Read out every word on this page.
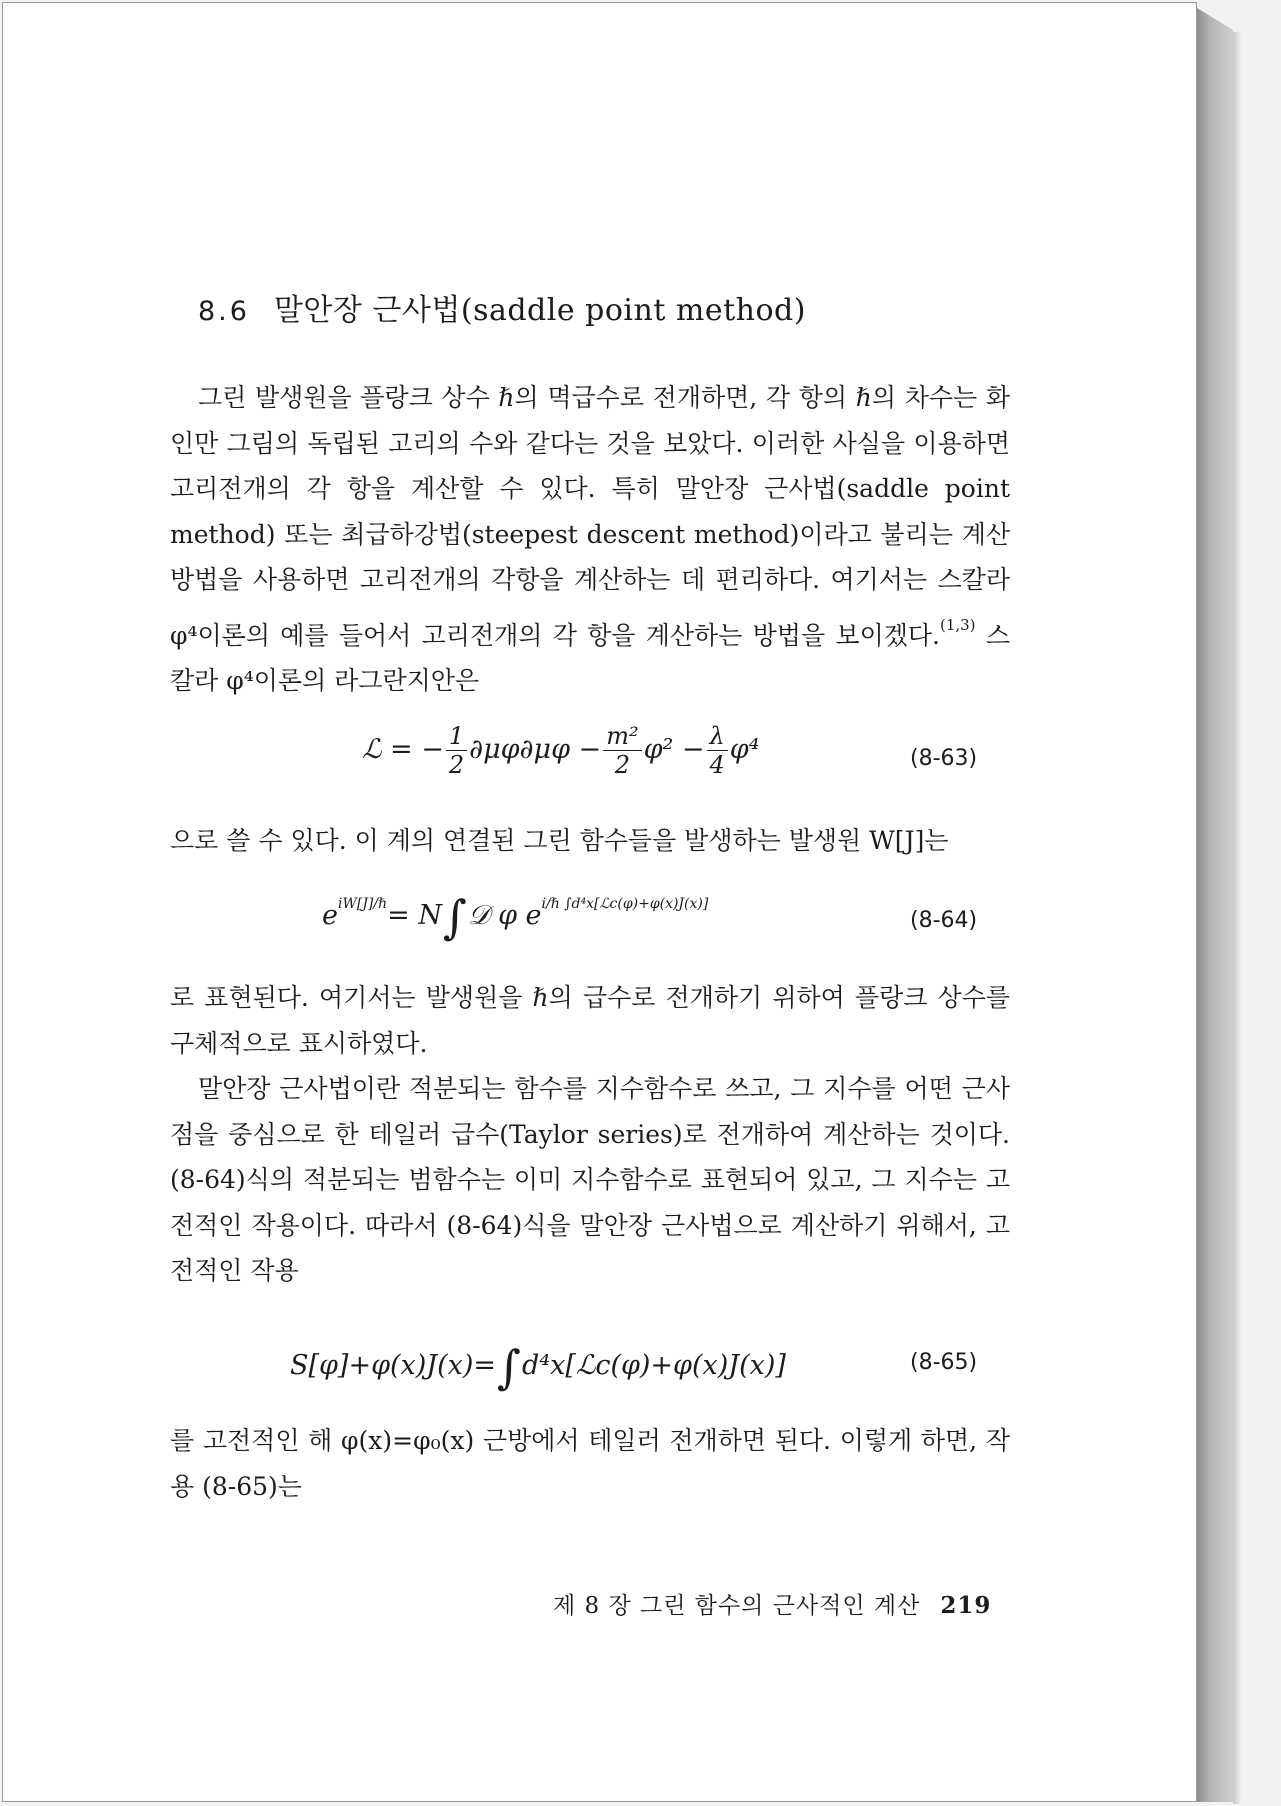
8.6 말안장 근사법(saddle point method)

그린 발생원을 플랑크 상수 ℏ의 멱급수로 전개하면, 각 항의 ℏ의 차수는 화인만 그림의 독립된 고리의 수와 같다는 것을 보았다. 이러한 사실을 이용하면 고리전개의 각 항을 계산할 수 있다. 특히 말안장 근사법(saddle point method) 또는 최급하강법(steepest descent method)이라고 불리는 계산 방법을 사용하면 고리전개의 각항을 계산하는 데 편리하다. 여기서는 스칼라 φ⁴이론의 예를 들어서 고리전개의 각 항을 계산하는 방법을 보이겠다.$^{(1,3)}$ 스칼라 φ⁴이론의 라그란지안은

ℒ = − $\frac{1}{2} \partial\mu\varphi\partial\mu\varphi - \frac{\text{m²}}{2} \varphi^2 - \frac{\lambda}{4} \varphi^4$	(8-63)

으로 쓸 수 있다. 이 계의 연결된 그린 함수들을 발생하는 발생원 W[J]는

$e^{iW[J]/\hbar}=$ N∫𝒟 φ $e^{i/\hbar \int d^4x[ℒc(\varphi)+\varphi(x)J(x)]}$
(8-64)

로 표현된다. 여기서는 발생원을 ℏ의 급수로 전개하기 위하여 플랑크 상수를 구체적으로 표시하였다.

말안장 근사법이란 적분되는 함수를 지수함수로 쓰고, 그 지수를 어떤 근사점을 중심으로 한 테일러 급수(Taylor series)로 전개하여 계산하는 것이다. (8-64)식의 적분되는 범함수는 이미 지수함수로 표현되어 있고, 그 지수는 고전적인 작용이다. 따라서 (8-64)식을 말안장 근사법으로 계산하기 위해서, 고전적인 작용

S[φ]+φ(x)J(x)=∫d⁴x[ℒc(φ)+φ(x)J(x)]	(8-65)

를 고전적인 해 φ(x)=φ₀(x) 근방에서 테일러 전개하면 된다. 이렇게 하면, 작용 (8-65)는

제 8 장 그린 함수의 근사적인 계산 219
